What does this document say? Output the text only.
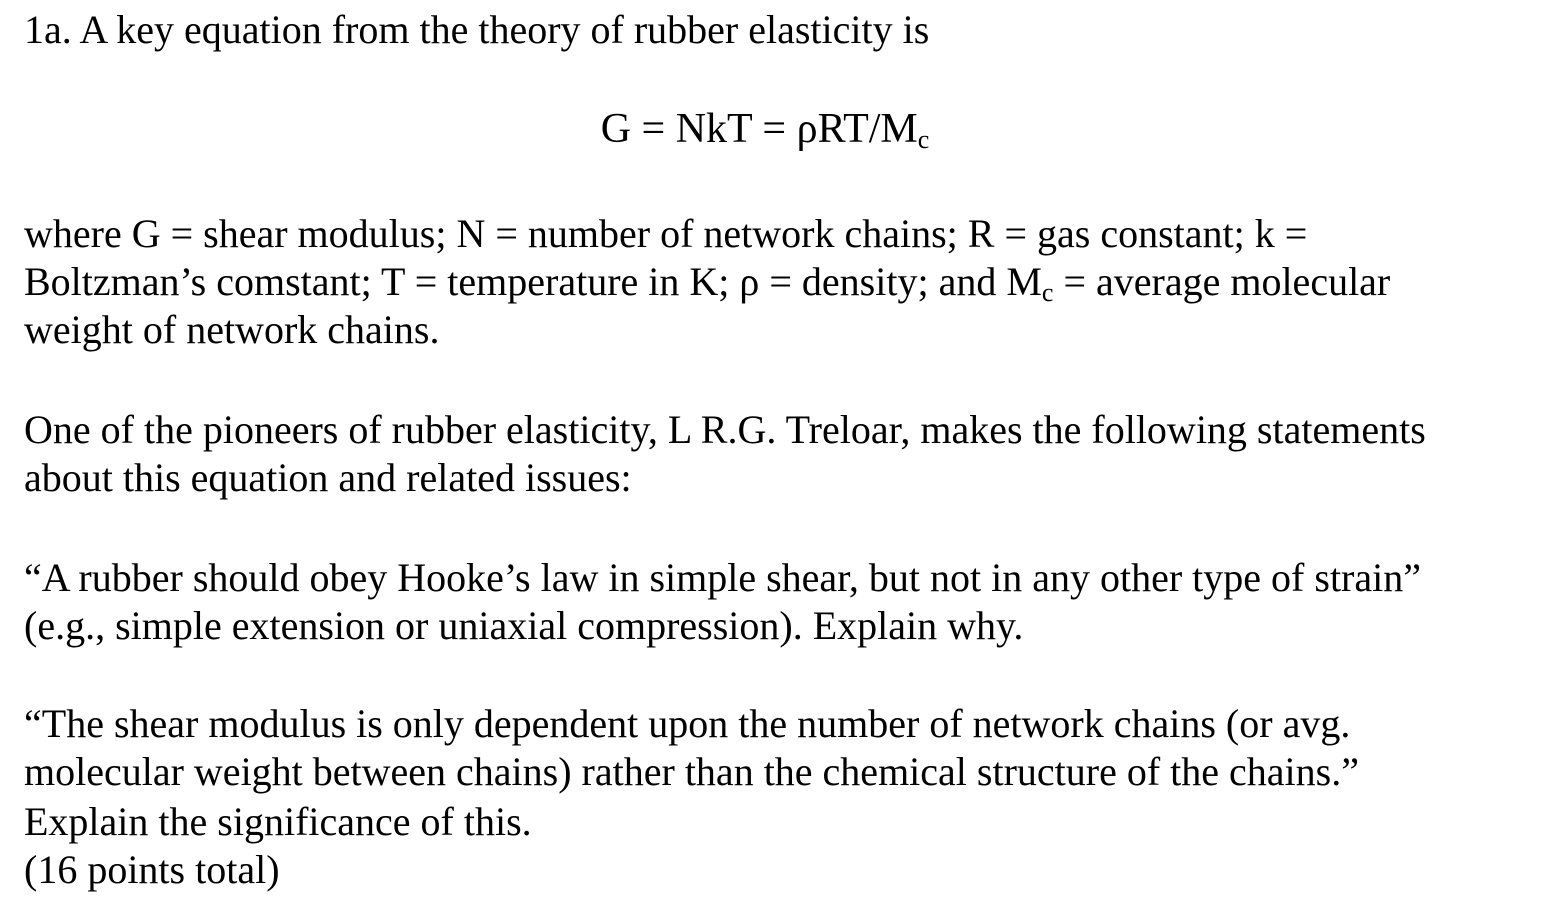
1a. A key equation from the theory of rubber elasticity is
G = NkT = ρRT/$M_c$
where G = shear modulus; N = number of network chains; R = gas constant; k =
Boltzman’s comstant; T = temperature in K; ρ = density; and $M_c$ = average molecular
weight of network chains.
One of the pioneers of rubber elasticity, L R.G. Treloar, makes the following statements
about this equation and related issues:
“A rubber should obey Hooke’s law in simple shear, but not in any other type of strain”
(e.g., simple extension or uniaxial compression). Explain why.
“The shear modulus is only dependent upon the number of network chains (or avg.
molecular weight between chains) rather than the chemical structure of the chains.”
Explain the significance of this.
(16 points total)
